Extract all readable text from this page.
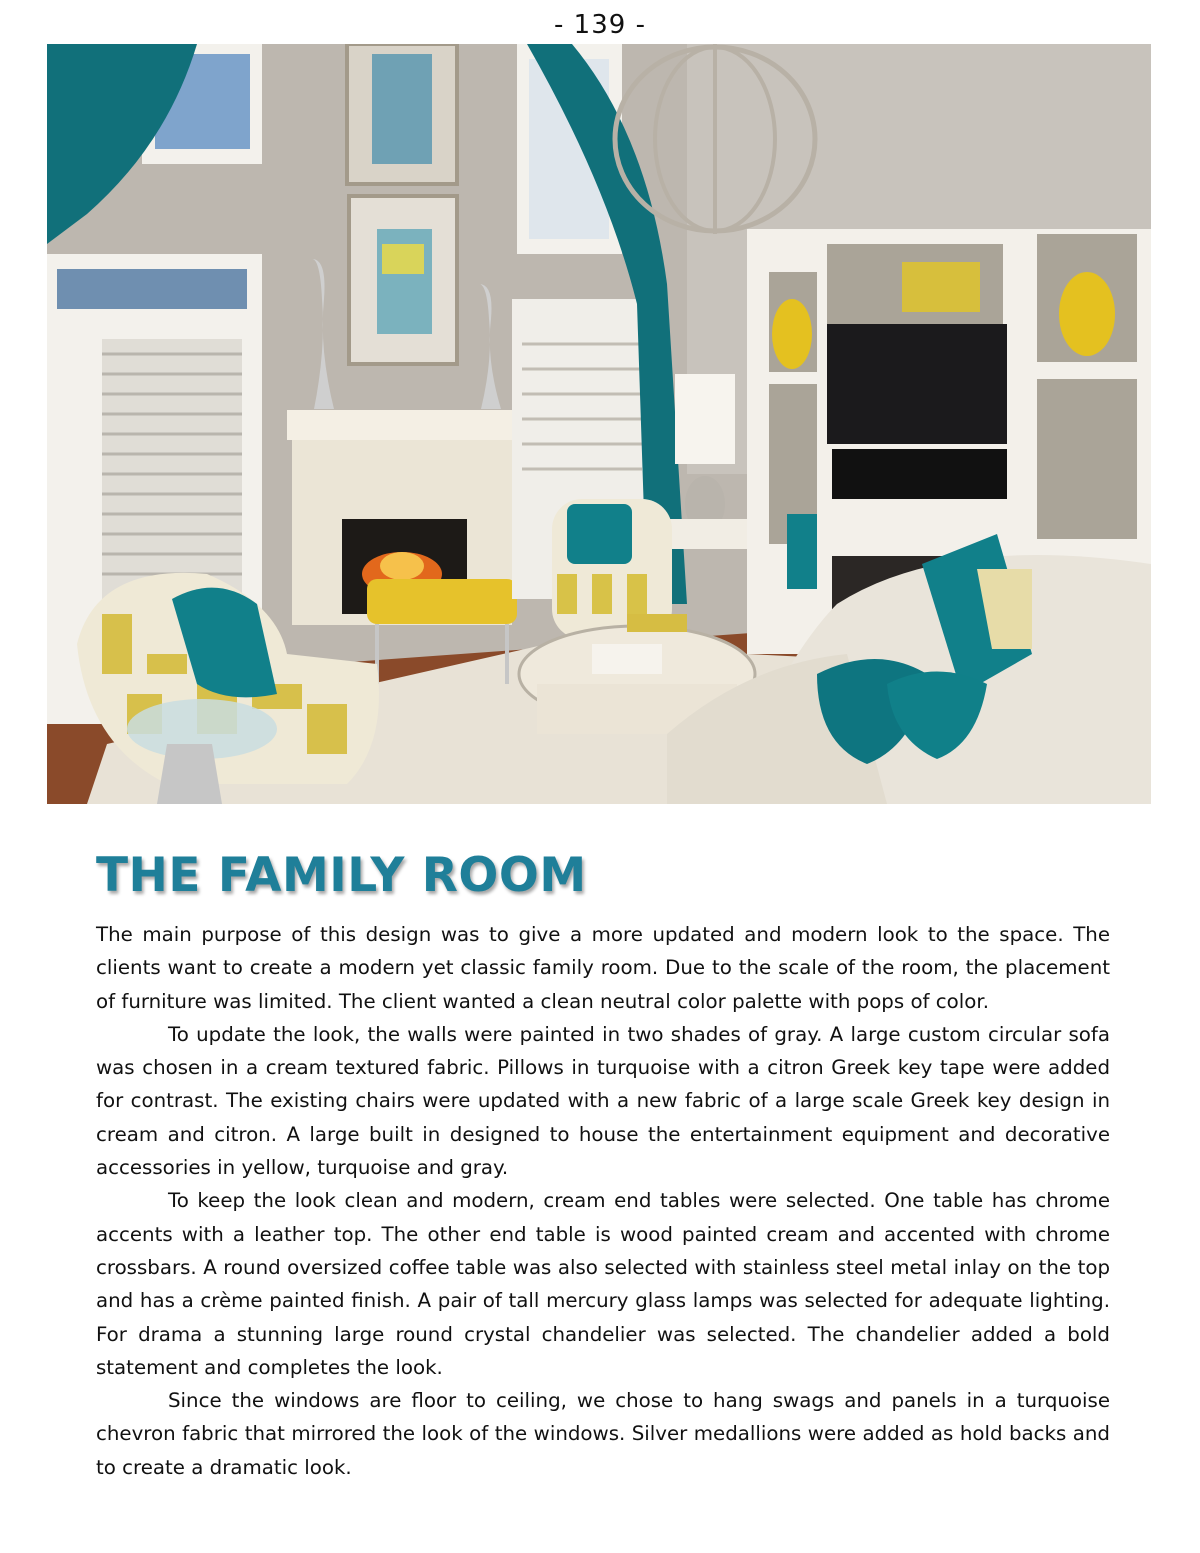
- 139 -
THE FAMILY ROOM

The main purpose of this design was to give a more updated and modern look to the space. The clients want to create a modern yet classic family room. Due to the scale of the room, the placement of furniture was limited. The client wanted a clean neutral color palette with pops of color.

To update the look, the walls were painted in two shades of gray. A large custom circular sofa was chosen in a cream textured fabric. Pillows in turquoise with a citron Greek key tape were added for contrast. The existing chairs were updated with a new fabric of a large scale Greek key design in cream and citron. A large built in designed to house the entertainment equipment and decorative accessories in yellow, turquoise and gray.

To keep the look clean and modern, cream end tables were selected. One table has chrome accents with a leather top. The other end table is wood painted cream and accented with chrome crossbars. A round oversized coffee table was also selected with stainless steel metal inlay on the top and has a crème painted finish. A pair of tall mercury glass lamps was selected for adequate lighting. For drama a stunning large round crystal chandelier was selected. The chandelier added a bold statement and completes the look.

Since the windows are floor to ceiling, we chose to hang swags and panels in a turquoise chevron fabric that mirrored the look of the windows. Silver medallions were added as hold backs and to create a dramatic look.
